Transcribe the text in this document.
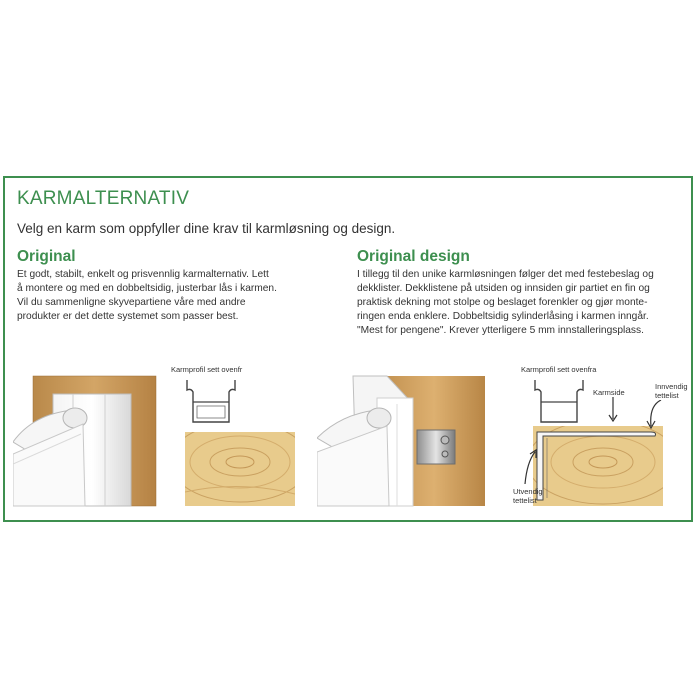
KARMALTERNATIV
Velg en karm som oppfyller dine krav til karmløsning og design.
Original
Et godt, stabilt, enkelt og prisvennlig karmalternativ. Lett
å montere og med en dobbeltsidig, justerbar lås i karmen.
Vil du sammenligne skyvepartiene våre med andre
produkter er det dette systemet som passer best.
Original design
I tillegg til den unike karmløsningen følger det med festebeslag og
dekklister. Dekklistene på utsiden og innsiden gir partiet en fin og
praktisk dekning mot stolpe og beslaget forenkler og gjør monte-
ringen enda enklere. Dobbeltsidig sylinderlåsing i karmen inngår.
"Mest for pengene". Krever ytterligere 5 mm innstalleringsplass.
Karmprofil sett ovenfr	Karmprofil sett ovenfra
Karmside
Innvendig
tettelist
Utvendig
tettelist
